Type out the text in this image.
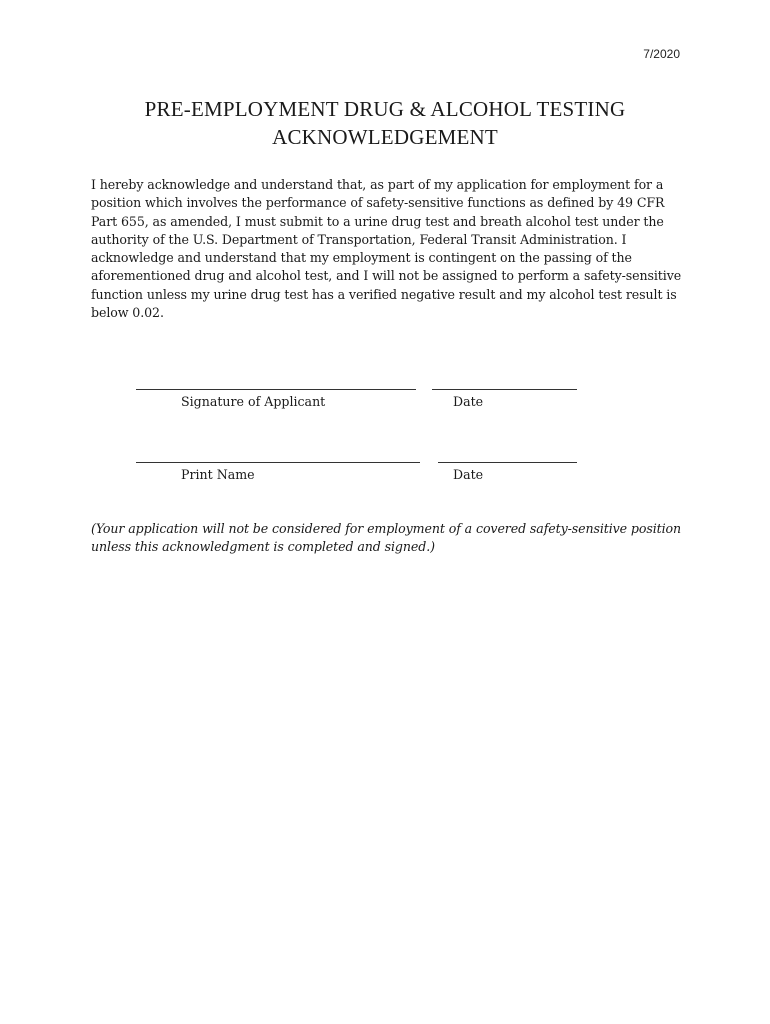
7/2020
PRE-EMPLOYMENT DRUG & ALCOHOL TESTING
ACKNOWLEDGEMENT
I hereby acknowledge and understand that, as part of my application for employment for a position which involves the performance of safety-sensitive functions as defined by 49 CFR Part 655, as amended, I must submit to a urine drug test and breath alcohol test under the authority of the U.S. Department of Transportation, Federal Transit Administration. I acknowledge and understand that my employment is contingent on the passing of the aforementioned drug and alcohol test, and I will not be assigned to perform a safety-sensitive function unless my urine drug test has a verified negative result and my alcohol test result is below 0.02.
Signature of Applicant	Date
Print Name	Date
(Your application will not be considered for employment of a covered safety-sensitive position unless this acknowledgment is completed and signed.)
